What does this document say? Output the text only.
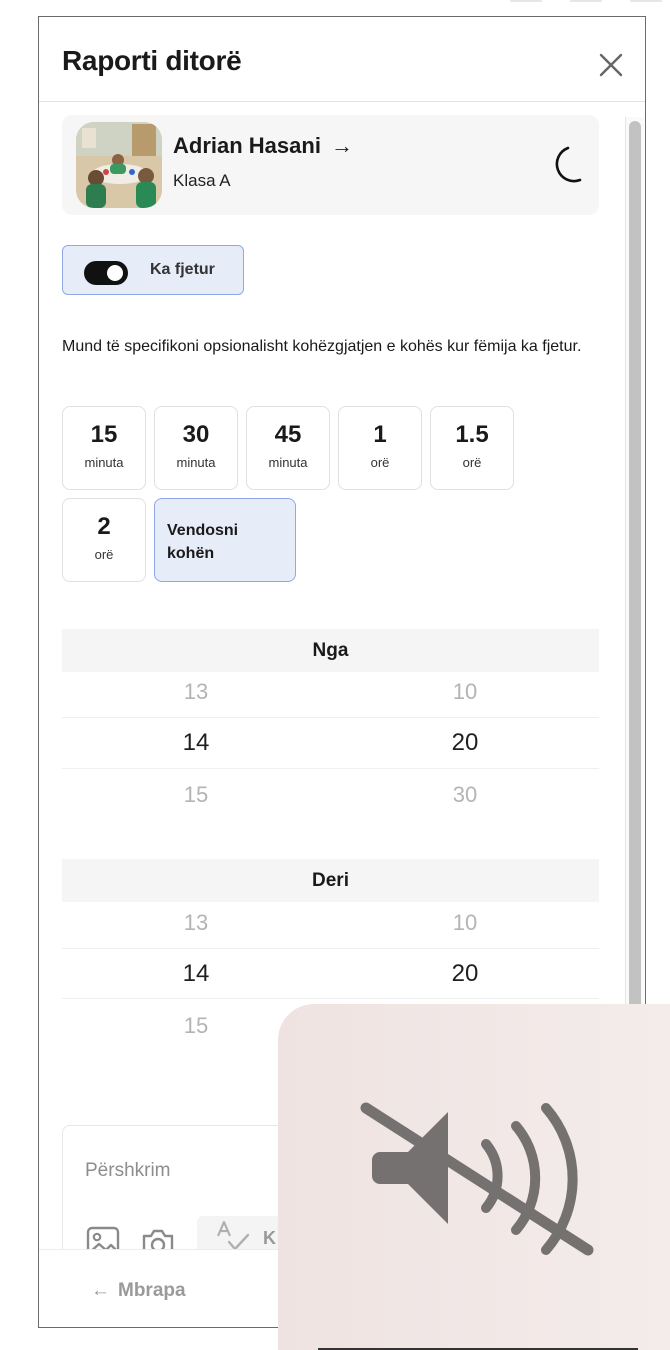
Raporti ditorë
Adrian Hasani →
Klasa A
Ka fjetur
Mund të specifikoni opsionalisht kohëzgjatjen e kohës kur fëmija ka fjetur.
15
minuta
30
minuta
45
minuta
1
orë
1.5
orë
2
orë
Vendosni kohën
Nga
13	10
14	20
15	30
Deri
13	10
14	20
15
Përshkrim
K
← Mbrapa
